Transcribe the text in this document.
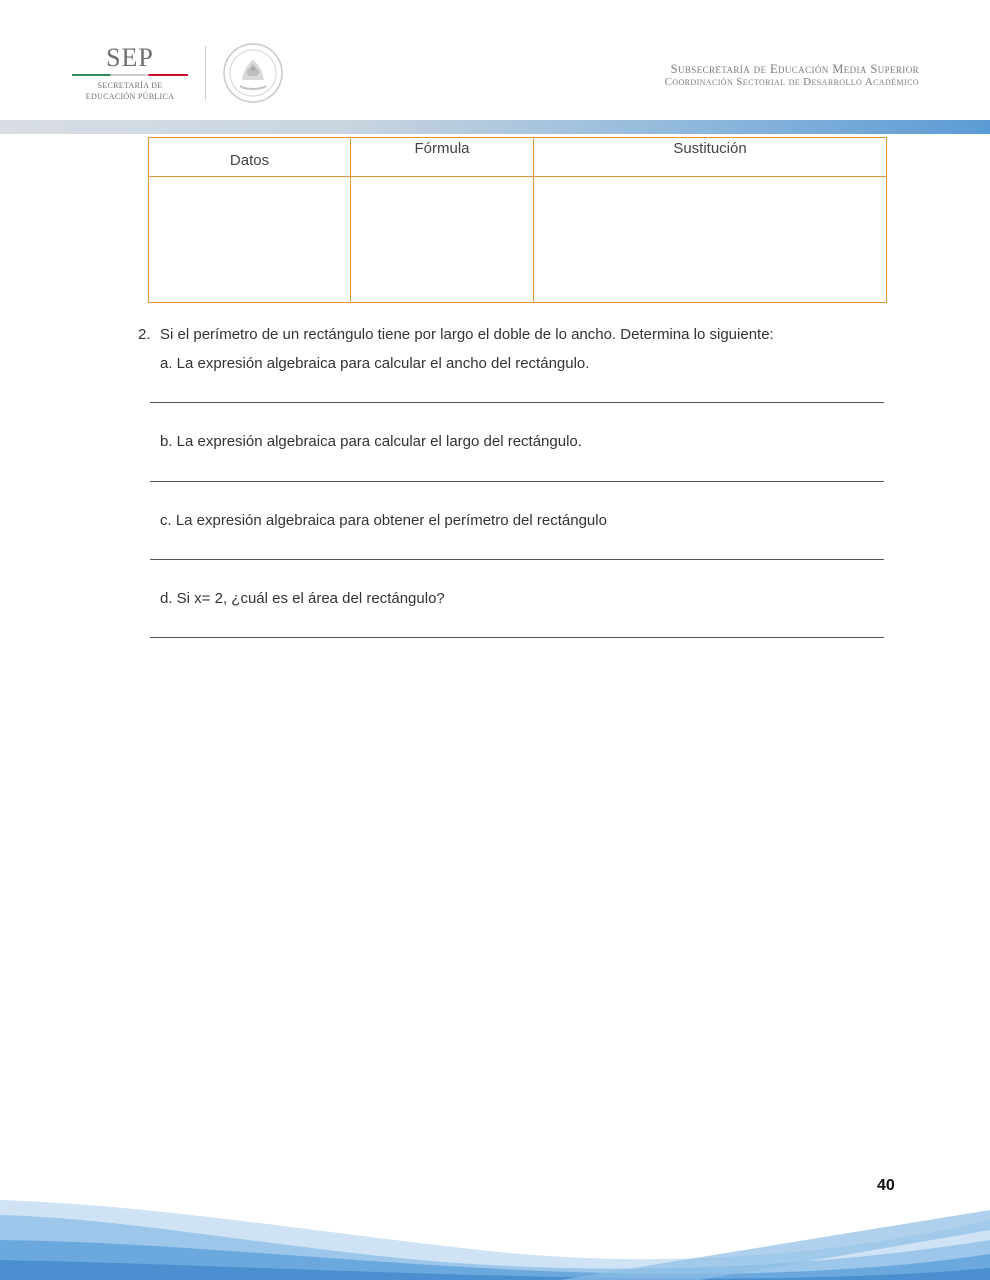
SEP
SECRETARÍA DE
EDUCACIÓN PÚBLICA
Subsecretaría de Educación Media Superior
Coordinación Sectorial de Desarrollo Académico
Datos	Fórmula	Sustitución

2. Si el perímetro de un rectángulo tiene por largo el doble de lo ancho. Determina lo siguiente:
a. La expresión algebraica para calcular el ancho del rectángulo.
b. La expresión algebraica para calcular el largo del rectángulo.
c. La expresión algebraica para obtener el perímetro del rectángulo
d. Si x= 2, ¿cuál es el área del rectángulo?
40
